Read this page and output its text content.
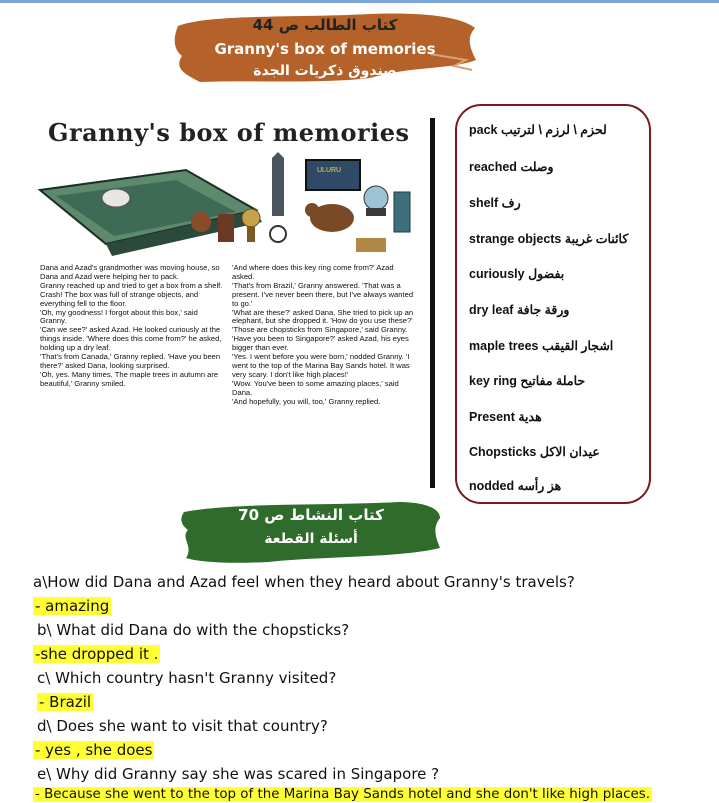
كتاب الطالب ص 44
Granny's box of memories
صندوق ذكريات الجدة
Granny's box of memories
ULURU

Dana and Azad's grandmother was moving house, so Dana and Azad were helping her to pack.

Granny reached up and tried to get a box from a shelf. Crash! The box was full of strange objects, and everything fell to the floor.

'Oh, my goodness! I forgot about this box,' said Granny.

'Can we see?' asked Azad. He looked curiously at the things inside. 'Where does this come from?' he asked, holding up a dry leaf.

'That's from Canada,' Granny replied. 'Have you been there?' asked Dana, looking surprised.

'Oh, yes. Many times. The maple trees in autumn are beautiful,' Granny smiled.

'And where does this key ring come from?' Azad asked.

'That's from Brazil,' Granny answered. 'That was a present. I've never been there, but I've always wanted to go.'

'What are these?' asked Dana. She tried to pick up an elephant, but she dropped it. 'How do you use these?'

'Those are chopsticks from Singapore,' said Granny.

'Have you been to Singapore?' asked Azad, his eyes bigger than ever.

'Yes. I went before you were born,' nodded Granny. 'I went to the top of the Marina Bay Sands hotel. It was very scary. I don't like high places!'

'Wow. You've been to some amazing places,' said Dana.

'And hopefully, you will, too,' Granny replied.

pack لحزم \ لرزم \ لترتيب
reached وصلت
shelf رف
strange objects كائنات غريبة
curiously بفضول
dry leaf ورقة جافة
maple trees اشجار القيقب
key ring حاملة مفاتيح
Present هدية
Chopsticks عيدان الاكل
nodded هز رأسه
كتاب النشاط ص 70
أسئلة القطعة
a\How did Dana and Azad feel when they heard about Granny's travels?
- amazing
b\ What did Dana do with the chopsticks?
-she dropped it .
c\ Which country hasn't Granny visited?
- Brazil
d\ Does she want to visit that country?
- yes , she does
e\ Why did Granny say she was scared in Singapore ?
- Because she went to the top of the Marina Bay Sands hotel and she don't like high places.
